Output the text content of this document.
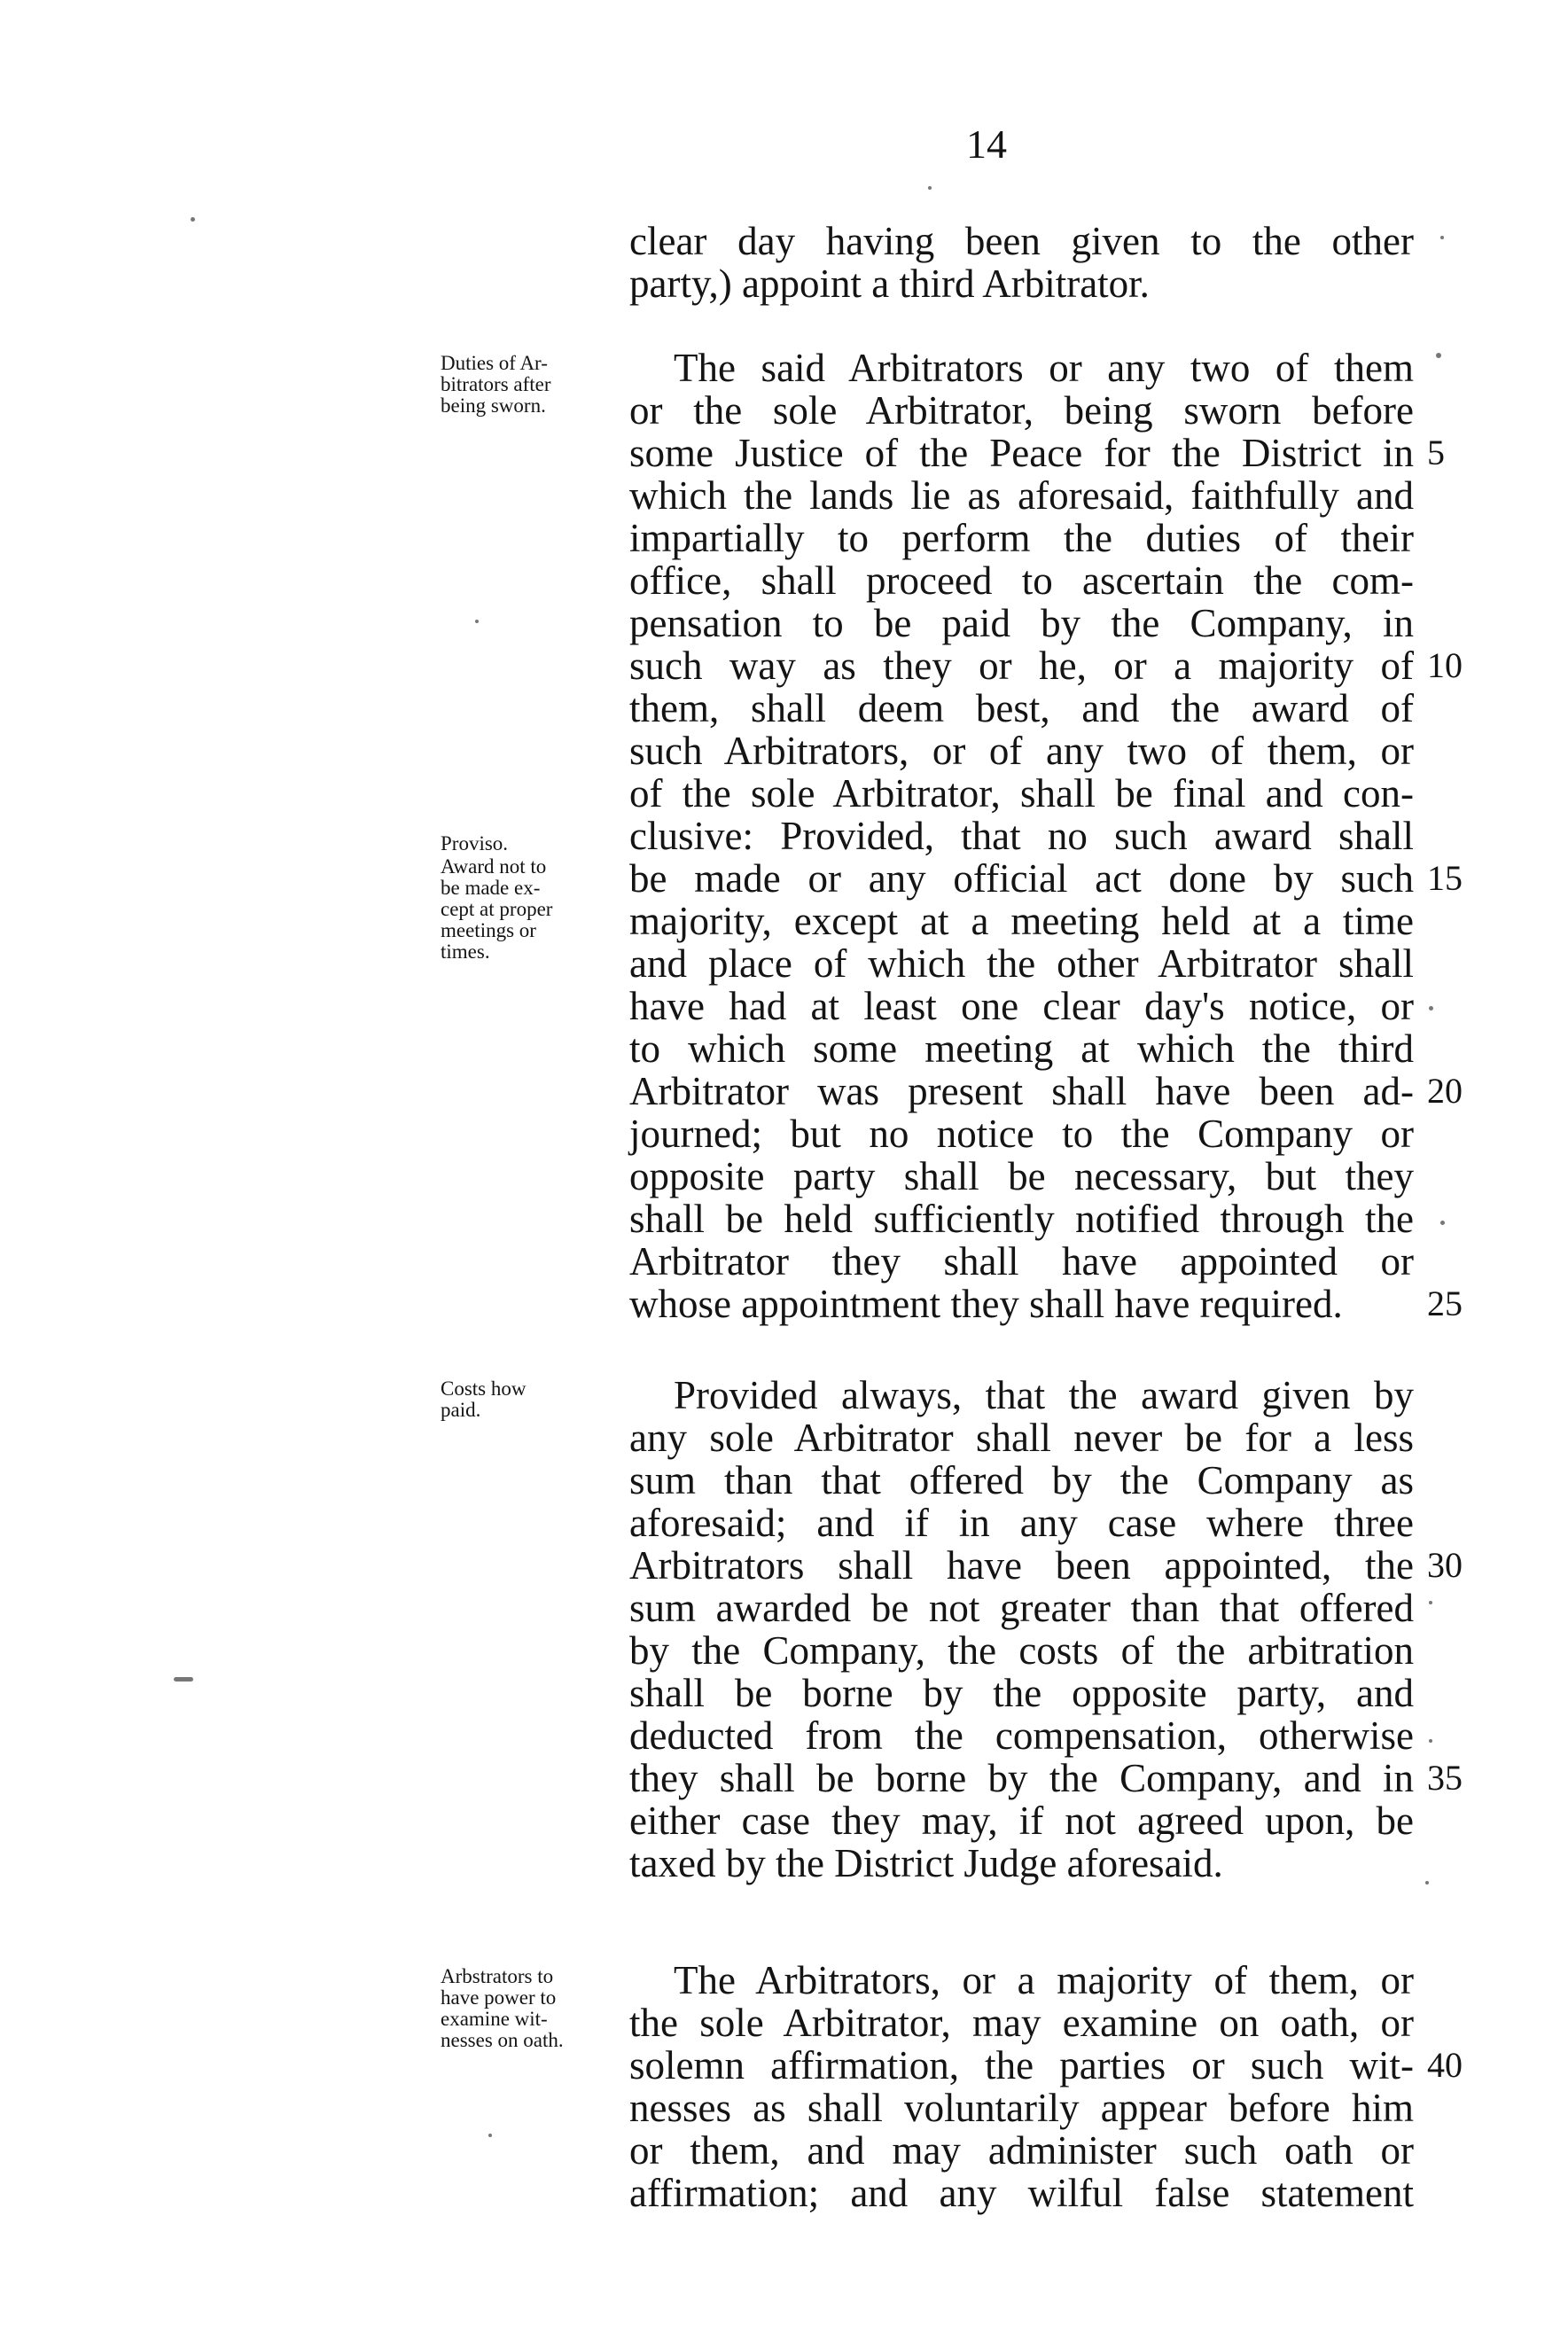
14
clear day having been given to the other
party,) appoint a third Arbitrator.
The said Arbitrators or any two of them
or the sole Arbitrator, being sworn before
some Justice of the Peace for the District in
which the lands lie as aforesaid, faithfully and
impartially to perform the duties of their
office, shall proceed to ascertain the com-
pensation to be paid by the Company, in
such way as they or he, or a majority of
them, shall deem best, and the award of
such Arbitrators, or of any two of them, or
of the sole Arbitrator, shall be final and con-
clusive: Provided, that no such award shall
be made or any official act done by such
majority, except at a meeting held at a time
and place of which the other Arbitrator shall
have had at least one clear day's notice, or
to which some meeting at which the third
Arbitrator was present shall have been ad-
journed; but no notice to the Company or
opposite party shall be necessary, but they
shall be held sufficiently notified through the
Arbitrator they shall have appointed or
whose appointment they shall have required.
Provided always, that the award given by
any sole Arbitrator shall never be for a less
sum than that offered by the Company as
aforesaid; and if in any case where three
Arbitrators shall have been appointed, the
sum awarded be not greater than that offered
by the Company, the costs of the arbitration
shall be borne by the opposite party, and
deducted from the compensation, otherwise
they shall be borne by the Company, and in
either case they may, if not agreed upon, be
taxed by the District Judge aforesaid.
The Arbitrators, or a majority of them, or
the sole Arbitrator, may examine on oath, or
solemn affirmation, the parties or such wit-
nesses as shall voluntarily appear before him
or them, and may administer such oath or
affirmation; and any wilful false statement
5
10
15
20
25
30
35
40
Duties of Ar-
bitrators after
being sworn.
Proviso.
Award not to
be made ex-
cept at proper
meetings or
times.
Costs how
paid.
Arbstrators to
have power to
examine wit-
nesses on oath.
